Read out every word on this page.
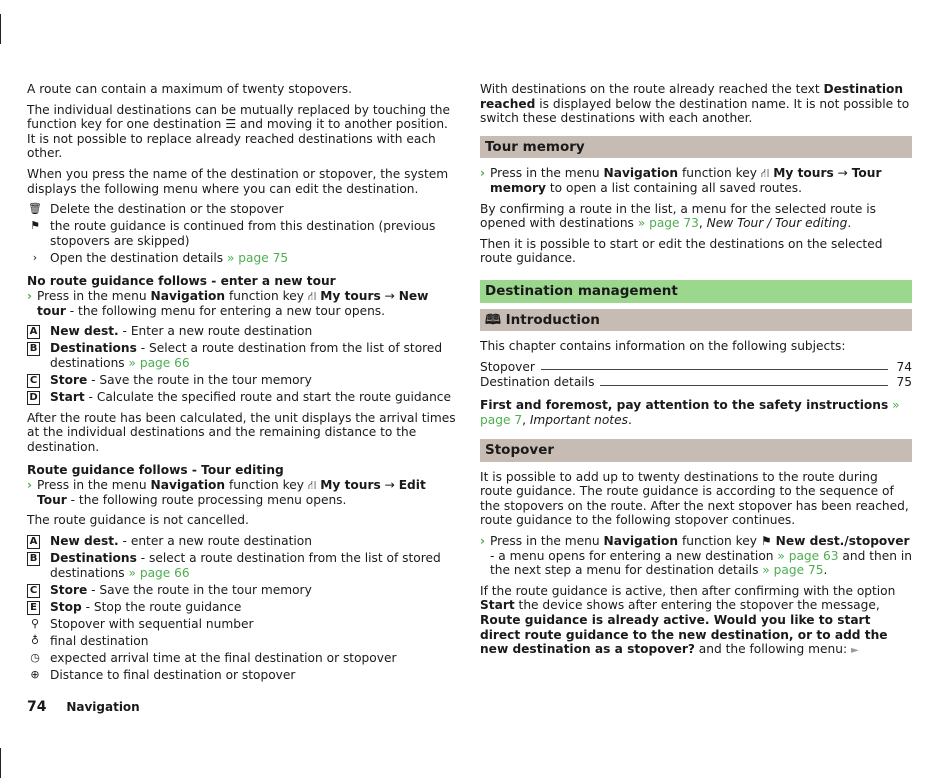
A route can contain a maximum of twenty stopovers.

The individual destinations can be mutually replaced by touching the function key for one destination ☰ and moving it to another position. It is not possible to replace already reached destinations with each other.

When you press the name of the destination or stopover, the system displays the following menu where you can edit the destination.

🗑 Delete the destination or the stopover
⚑ the route guidance is continued from this destination (previous stopovers are skipped)
›	Open the destination details » page 75
No route guidance follows - enter a new tour
› Press in the menu Navigation function key ⛙ My tours → New tour - the following menu for entering a new tour opens.
A New dest. - Enter a new route destination
B Destinations - Select a route destination from the list of stored destinations » page 66
C Store - Save the route in the tour memory
D Start - Calculate the specified route and start the route guidance

After the route has been calculated, the unit displays the arrival times at the individual destinations and the remaining distance to the destination.

Route guidance follows - Tour editing
› Press in the menu Navigation function key ⛙ My tours → Edit Tour - the following route processing menu opens.

The route guidance is not cancelled.

A New dest. - enter a new route destination
B Destinations - select a route destination from the list of stored destinations » page 66
C Store - Save the route in the tour memory
E Stop - Stop the route guidance
⚲ Stopover with sequential number
♁ final destination
◷ expected arrival time at the final destination or stopover
⊕ Distance to final destination or stopover

With destinations on the route already reached the text Destination reached is displayed below the destination name. It is not possible to switch these destinations with each another.

Tour memory
› Press in the menu Navigation function key ⛙ My tours → Tour memory to open a list containing all saved routes.

By confirming a route in the list, a menu for the selected route is opened with destinations » page 73, New Tour / Tour editing.

Then it is possible to start or edit the destinations on the selected route guidance.

Destination management
🕮 Introduction

This chapter contains information on the following subjects:

Stopover	74
Destination details	75

First and foremost, pay attention to the safety instructions » page 7, Important notes.

Stopover

It is possible to add up to twenty destinations to the route during route guidance. The route guidance is according to the sequence of the stopovers on the route. After the next stopover has been reached, route guidance to the following stopover continues.

› Press in the menu Navigation function key ⚑ New dest./stopover - a menu opens for entering a new destination » page 63 and then in the next step a menu for destination details » page 75.

If the route guidance is active, then after confirming with the option Start the device shows after entering the stopover the message, Route guidance is already active. Would you like to start direct route guidance to the new destination, or to add the new destination as a stopover? and the following menu: ►

74 Navigation
